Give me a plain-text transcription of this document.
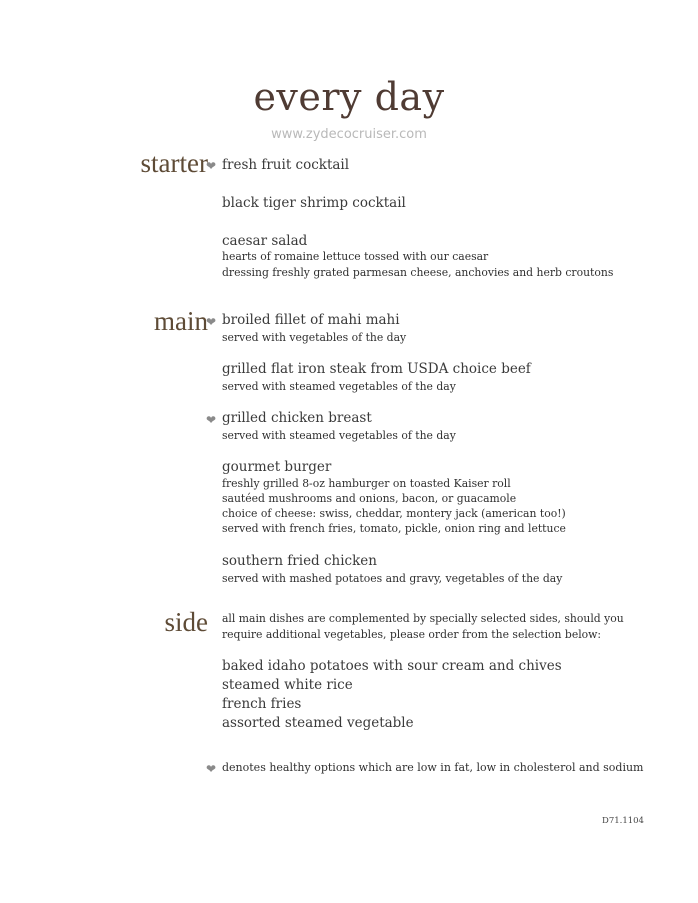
every day
www.zydecocruiser.com
starter
❤ fresh fruit cocktail
black tiger shrimp cocktail
caesar salad
hearts of romaine lettuce tossed with our caesar
dressing freshly grated parmesan cheese, anchovies and herb croutons
main
❤ broiled fillet of mahi mahi
served with vegetables of the day
grilled flat iron steak from USDA choice beef
served with steamed vegetables of the day
❤ grilled chicken breast
served with steamed vegetables of the day
gourmet burger
freshly grilled 8-oz hamburger on toasted Kaiser roll
sautéed mushrooms and onions, bacon, or guacamole
choice of cheese: swiss, cheddar, montery jack (american too!)
served with french fries, tomato, pickle, onion ring and lettuce
southern fried chicken
served with mashed potatoes and gravy, vegetables of the day
side all main dishes are complemented by specially selected sides, should you
require additional vegetables, please order from the selection below:
baked idaho potatoes with sour cream and chives
steamed white rice
french fries
assorted steamed vegetable
❤ denotes healthy options which are low in fat, low in cholesterol and sodium
D71.1104
